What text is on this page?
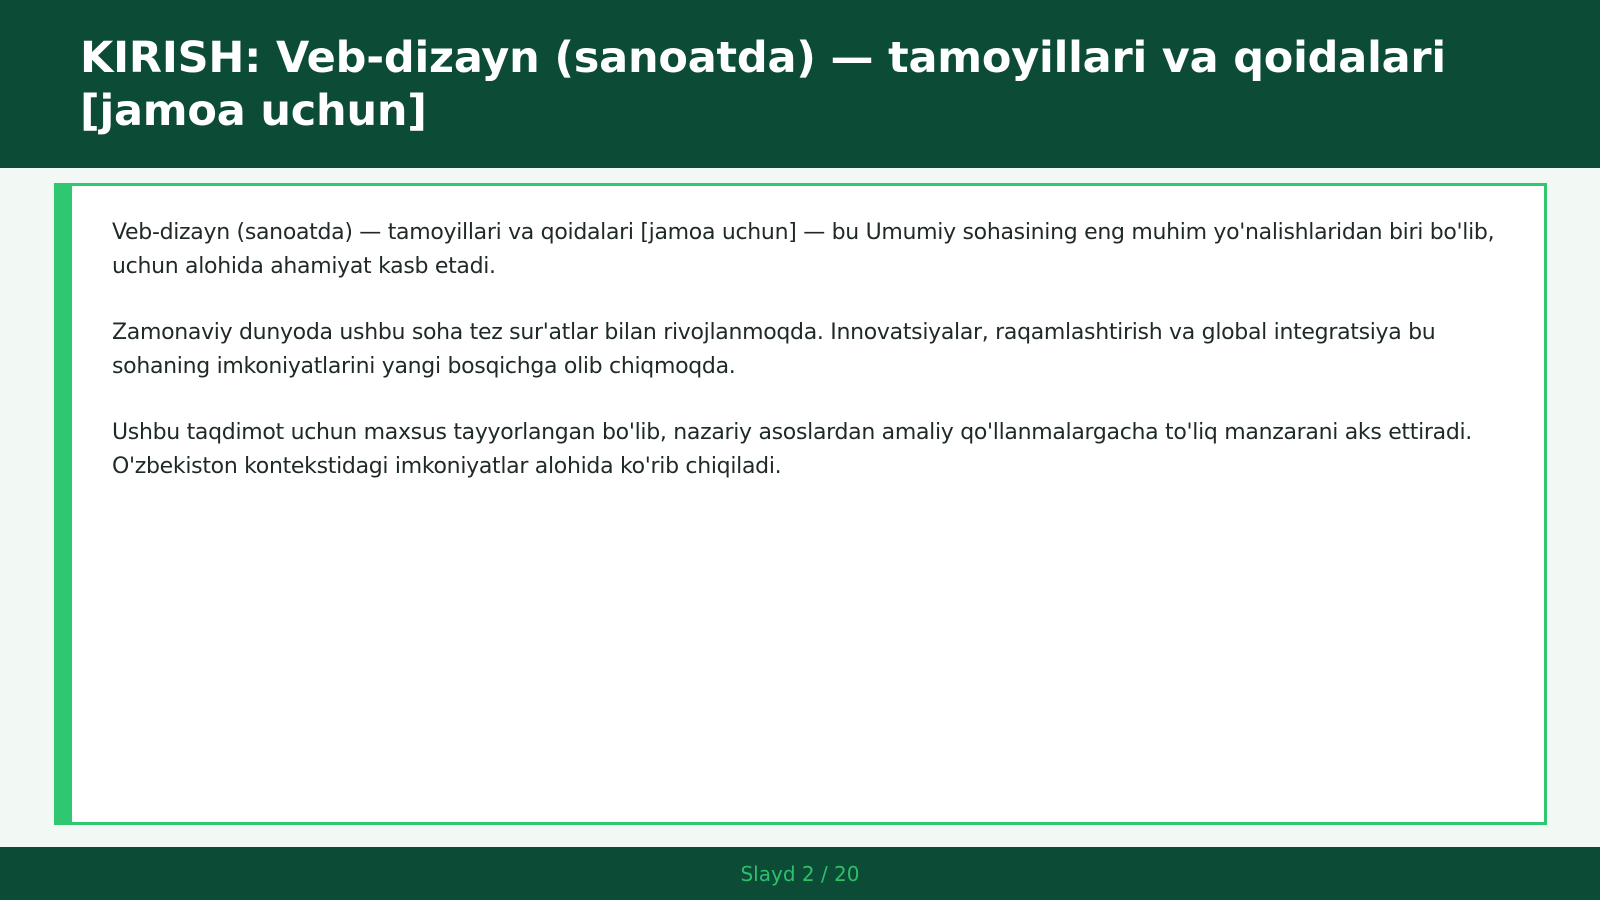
KIRISH: Veb-dizayn (sanoatda) — tamoyillari va qoidalari [jamoa uchun]

Veb-dizayn (sanoatda) — tamoyillari va qoidalari [jamoa uchun] — bu Umumiy sohasining eng muhim yo'nalishlaridan biri bo'lib, uchun alohida ahamiyat kasb etadi.

Zamonaviy dunyoda ushbu soha tez sur'atlar bilan rivojlanmoqda. Innovatsiyalar, raqamlashtirish va global integratsiya bu sohaning imkoniyatlarini yangi bosqichga olib chiqmoqda.

Ushbu taqdimot uchun maxsus tayyorlangan bo'lib, nazariy asoslardan amaliy qo'llanmalargacha to'liq manzarani aks ettiradi. O'zbekiston kontekstidagi imkoniyatlar alohida ko'rib chiqiladi.

Slayd 2 / 20
